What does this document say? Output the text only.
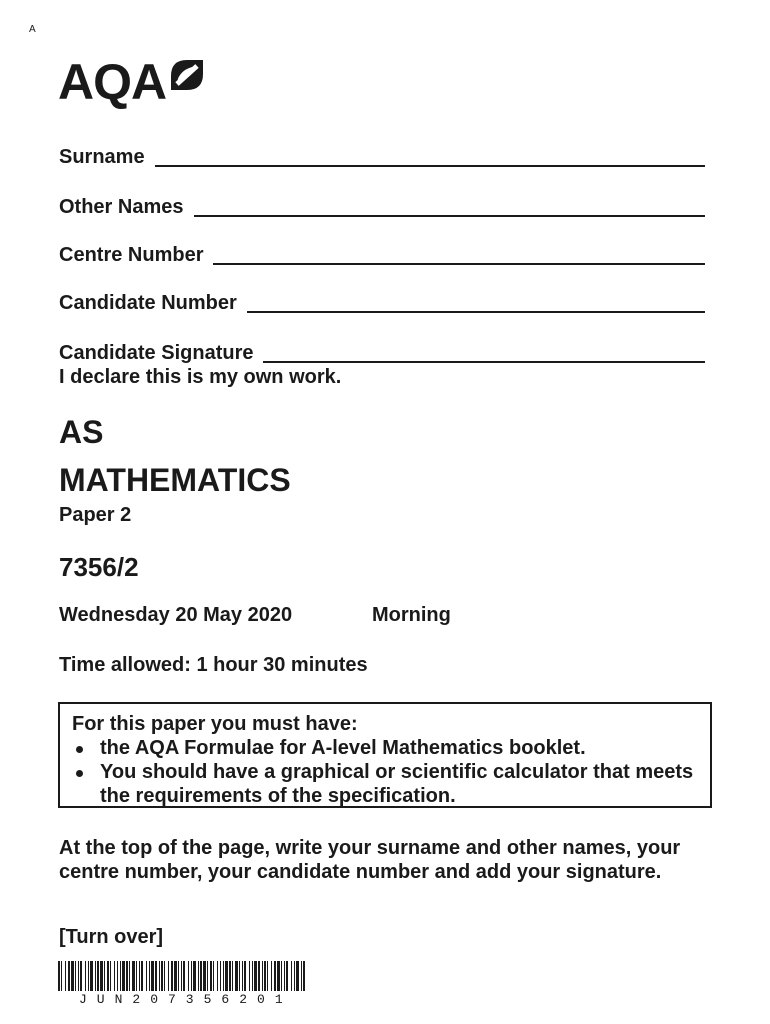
A
AQA
Surname
Other Names
Centre Number
Candidate Number
Candidate Signature
I declare this is my own work.
AS
MATHEMATICS
Paper 2
7356/2
Wednesday 20 May 2020	Morning
Time allowed: 1 hour 30 minutes
For this paper you must have:
the AQA Formulae for A-level Mathematics booklet.
You should have a graphical or scientific calculator that meets the requirements of the specification.
At the top of the page, write your surname and other names, your centre number, your candidate number and add your signature.
[Turn over]
JUN207356201
